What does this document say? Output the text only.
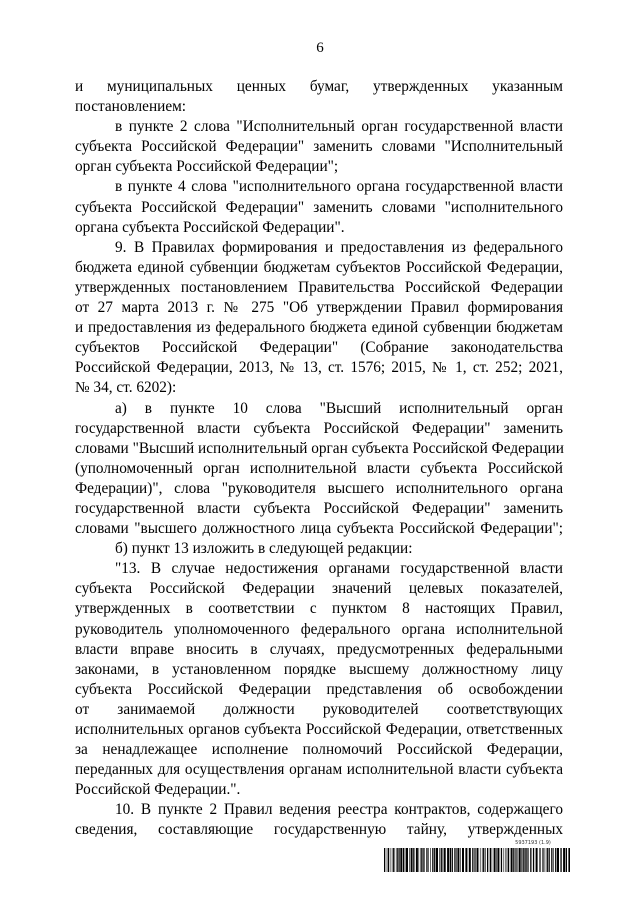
6
и муниципальных ценных бумаг, утвержденных указанным
постановлением:
в пункте 2 слова "Исполнительный орган государственной власти
субъекта Российской Федерации" заменить словами "Исполнительный
орган субъекта Российской Федерации";
в пункте 4 слова "исполнительного органа государственной власти
субъекта Российской Федерации" заменить словами "исполнительного
органа субъекта Российской Федерации".
9. В Правилах формирования и предоставления из федерального
бюджета единой субвенции бюджетам субъектов Российской Федерации,
утвержденных постановлением Правительства Российской Федерации
от 27 марта 2013 г. № 275 "Об утверждении Правил формирования
и предоставления из федерального бюджета единой субвенции бюджетам
субъектов Российской Федерации" (Собрание законодательства
Российской Федерации, 2013, № 13, ст. 1576; 2015, № 1, ст. 252; 2021,
№ 34, ст. 6202):
а) в пункте 10 слова "Высший исполнительный орган
государственной власти субъекта Российской Федерации" заменить
словами "Высший исполнительный орган субъекта Российской Федерации
(уполномоченный орган исполнительной власти субъекта Российской
Федерации)", слова "руководителя высшего исполнительного органа
государственной власти субъекта Российской Федерации" заменить
словами "высшего должностного лица субъекта Российской Федерации";
б) пункт 13 изложить в следующей редакции:
"13. В случае недостижения органами государственной власти
субъекта Российской Федерации значений целевых показателей,
утвержденных в соответствии с пунктом 8 настоящих Правил,
руководитель уполномоченного федерального органа исполнительной
власти вправе вносить в случаях, предусмотренных федеральными
законами, в установленном порядке высшему должностному лицу
субъекта Российской Федерации представления об освобождении
от занимаемой должности руководителей соответствующих
исполнительных органов субъекта Российской Федерации, ответственных
за ненадлежащее исполнение полномочий Российской Федерации,
переданных для осуществления органам исполнительной власти субъекта
Российской Федерации.".
10. В пункте 2 Правил ведения реестра контрактов, содержащего
сведения, составляющие государственную тайну, утвержденных
5937193 (1.9)
